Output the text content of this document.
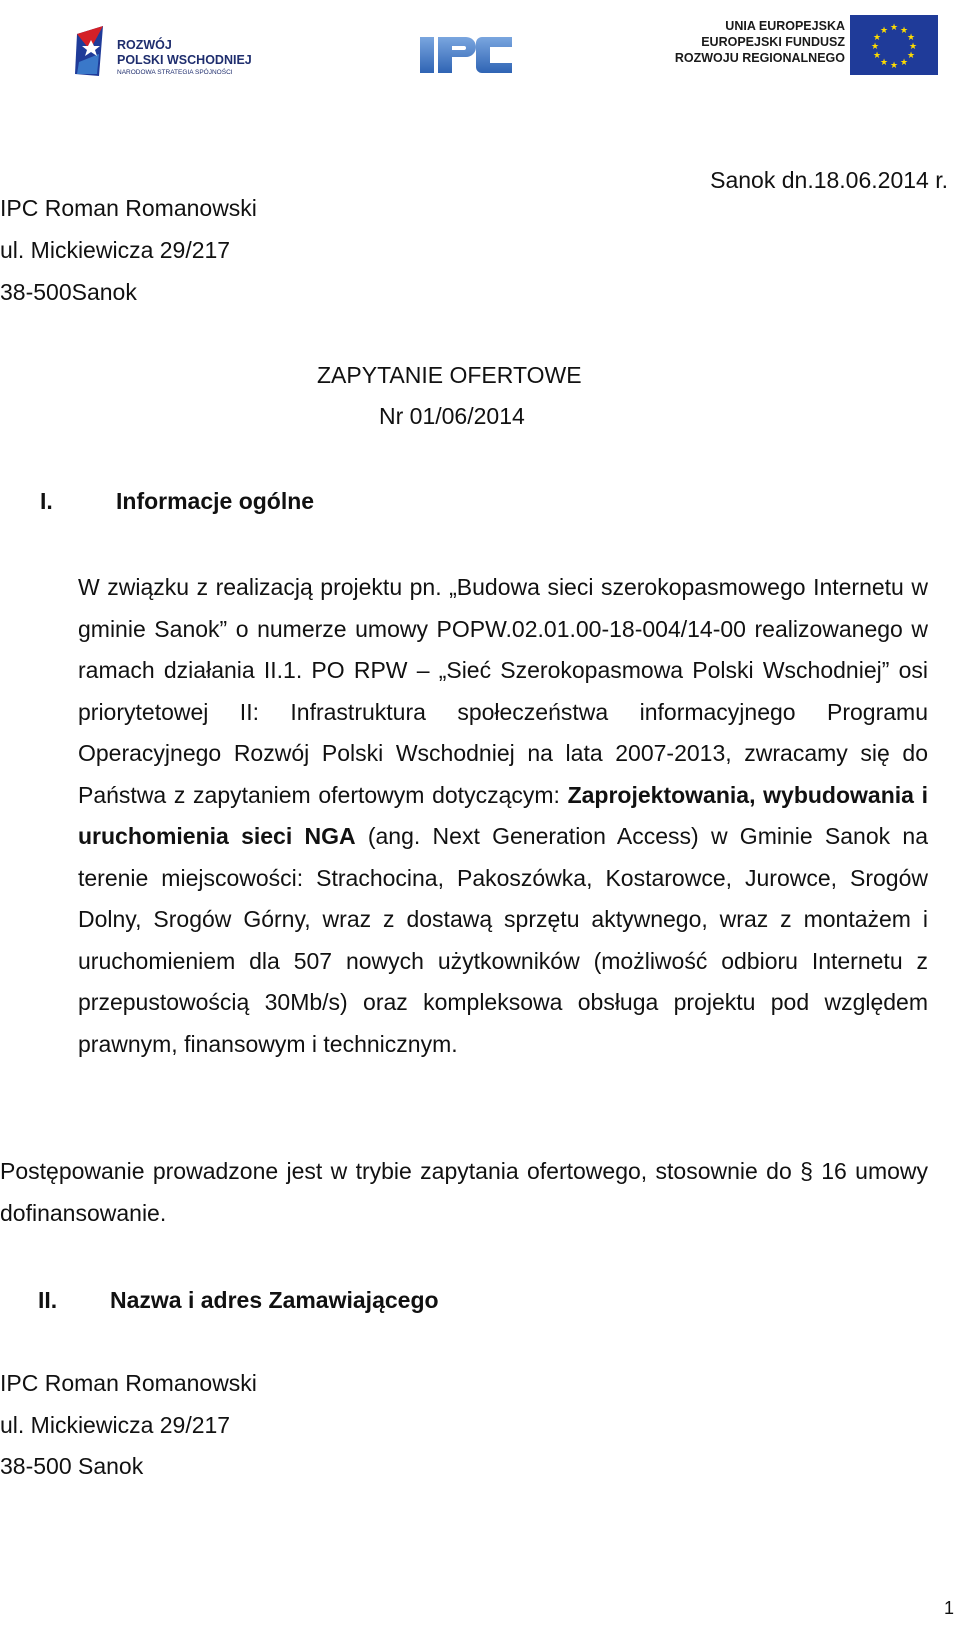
ROZWÓJ
POLSKI WSCHODNIEJ
NARODOWA STRATEGIA SPÓJNOŚCI
UNIA EUROPEJSKA
EUROPEJSKI FUNDUSZ
ROZWOJU REGIONALNEGO
★ ★
★
★
★
★
★
★
★
★
★
★
IPC Roman Romanowski
ul. Mickiewicza 29/217
38-500Sanok
Sanok dn.18.06.2014 r.
ZAPYTANIE OFERTOWE
Nr 01/06/2014
I.	Informacje ogólne
W związku z realizacją projektu pn. „Budowa sieci szerokopasmowego Internetu w gminie Sanok” o numerze umowy POPW.02.01.00-18-004/14-00 realizowanego w ramach działania II.1. PO RPW – „Sieć Szerokopasmowa Polski Wschodniej” osi priorytetowej II: Infrastruktura społeczeństwa informacyjnego Programu Operacyjnego Rozwój Polski Wschodniej na lata 2007-2013, zwracamy się do Państwa z zapytaniem ofertowym dotyczącym: Zaprojektowania, wybudowania i uruchomienia sieci NGA (ang. Next Generation Access) w Gminie Sanok na terenie miejscowości: Strachocina, Pakoszówka, Kostarowce, Jurowce, Srogów Dolny, Srogów Górny, wraz z dostawą sprzętu aktywnego, wraz z montażem i uruchomieniem dla 507 nowych użytkowników (możliwość odbioru Internetu z przepustowością 30Mb/s) oraz kompleksowa obsługa projektu pod względem prawnym, finansowym i technicznym.
Postępowanie prowadzone jest w trybie zapytania ofertowego, stosownie do § 16 umowy dofinansowanie.
II. Nazwa i adres Zamawiającego
IPC Roman Romanowski
ul. Mickiewicza 29/217
38-500 Sanok
1
